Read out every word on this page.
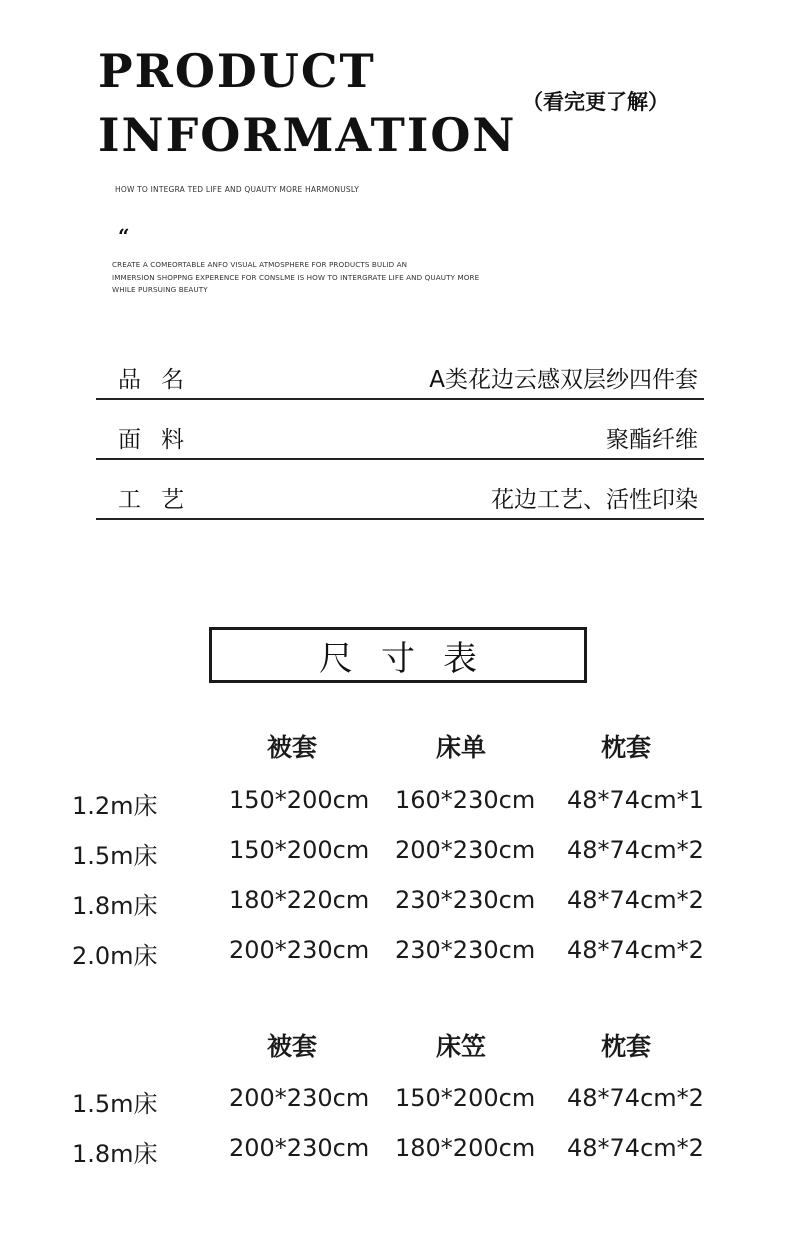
PRODUCT
INFORMATION
（看完更了解）
HOW TO INTEGRA TED LIFE AND QUAUTY MORE HARMONUSLY
“
CREATE A COMEORTABLE ANFO VISUAL ATMOSPHERE FOR PRODUCTS BULID AN
IMMERSION SHOPPNG EXPERENCE FOR CONSLME IS HOW TO INTERGRATE LIFE AND QUAUTY MORE
WHILE PURSUING BEAUTY
品名	A类花边云感双层纱四件套
面料	聚酯纤维
工艺	花边工艺、活性印染
尺寸表
被套	床单	枕套
1.2m床	150*200cm 160*230cm 48*74cm*1
1.5m床	150*200cm 200*230cm 48*74cm*2
1.8m床	180*220cm 230*230cm 48*74cm*2
2.0m床	200*230cm 230*230cm 48*74cm*2
被套	床笠	枕套
1.5m床	200*230cm 150*200cm 48*74cm*2
1.8m床	200*230cm 180*200cm 48*74cm*2
